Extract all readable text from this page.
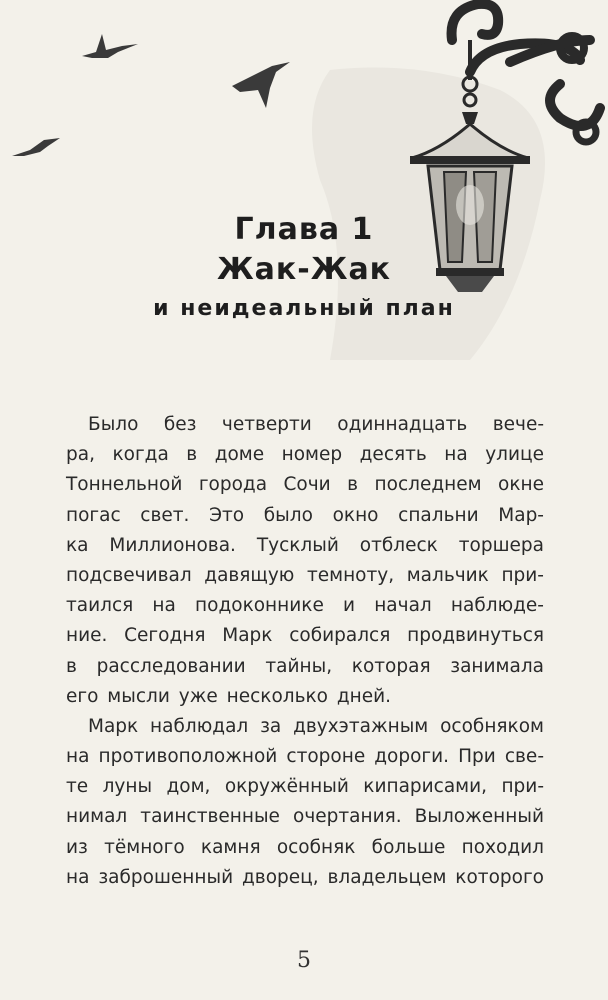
Глава 1
Жак-Жак
и неидеальный план
Было без четверти одиннадцать вече-
ра, когда в доме номер десять на улице
Тоннельной города Сочи в последнем окне
погас свет. Это было окно спальни Мар-
ка Миллионова. Тусклый отблеск торшера
подсвечивал давящую темноту, мальчик при-
таился на подоконнике и начал наблюде-
ние. Сегодня Марк собирался продвинуться
в расследовании тайны, которая занимала
его мысли уже несколько дней.
Марк наблюдал за двухэтажным особняком
на противоположной стороне дороги. При све-
те луны дом, окружённый кипарисами, при-
нимал таинственные очертания. Выложенный
из тёмного камня особняк больше походил
на заброшенный дворец, владельцем которого
5
